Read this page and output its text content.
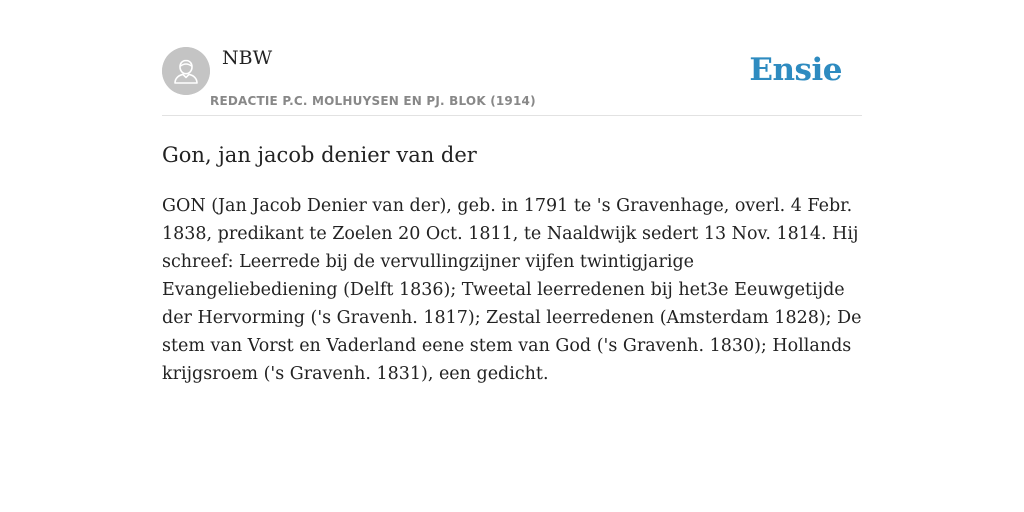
NBW
REDACTIE P.C. MOLHUYSEN EN PJ. BLOK (1914)
Ensie
Gon, jan jacob denier van der

GON (Jan Jacob Denier van der), geb. in 1791 te 's Gravenhage, overl. 4 Febr. 1838, predikant te Zoelen 20 Oct. 1811, te Naaldwijk sedert 13 Nov. 1814. Hij schreef: Leerrede bij de vervullingzijner vijfen twintigjarige Evangeliebediening (Delft 1836); Tweetal leerredenen bij het3e Eeuwgetijde der Hervorming ('s Gravenh. 1817); Zestal leerredenen (Amsterdam 1828); De stem van Vorst en Vaderland eene stem van God ('s Gravenh. 1830); Hollands krijgsroem ('s Gravenh. 1831), een gedicht.
